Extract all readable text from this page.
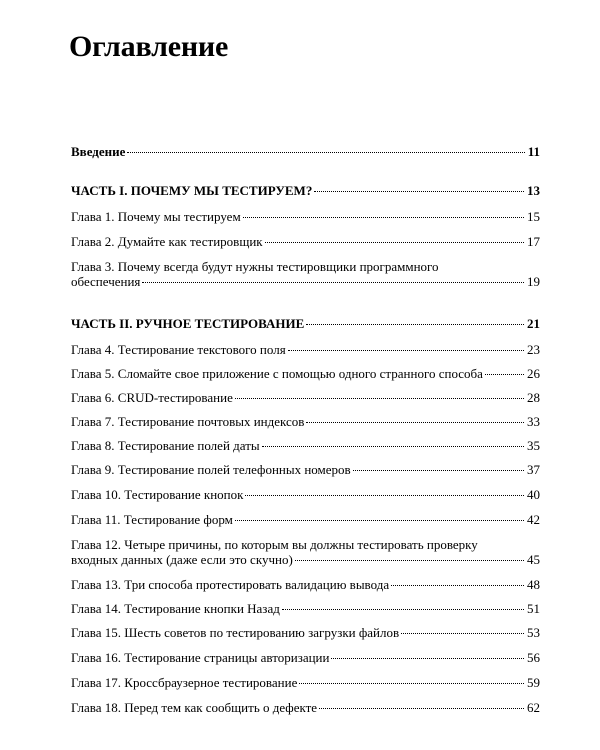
Оглавление
Введение	11
ЧАСТЬ I. ПОЧЕМУ МЫ ТЕСТИРУЕМ?	13
Глава 1. Почему мы тестируем	15
Глава 2. Думайте как тестировщик	17
Глава 3. Почему всегда будут нужны тестировщики программного
обеспечения	19
ЧАСТЬ II. РУЧНОЕ ТЕСТИРОВАНИЕ	21
Глава 4. Тестирование текстового поля	23
Глава 5. Сломайте свое приложение с помощью одного странного способа	26
Глава 6. CRUD-тестирование	28
Глава 7. Тестирование почтовых индексов	33
Глава 8. Тестирование полей даты	35
Глава 9. Тестирование полей телефонных номеров	37
Глава 10. Тестирование кнопок	40
Глава 11. Тестирование форм	42
Глава 12. Четыре причины, по которым вы должны тестировать проверку
входных данных (даже если это скучно)	45
Глава 13. Три способа протестировать валидацию вывода	48
Глава 14. Тестирование кнопки Назад	51
Глава 15. Шесть советов по тестированию загрузки файлов	53
Глава 16. Тестирование страницы авторизации	56
Глава 17. Кроссбраузерное тестирование	59
Глава 18. Перед тем как сообщить о дефекте	62
